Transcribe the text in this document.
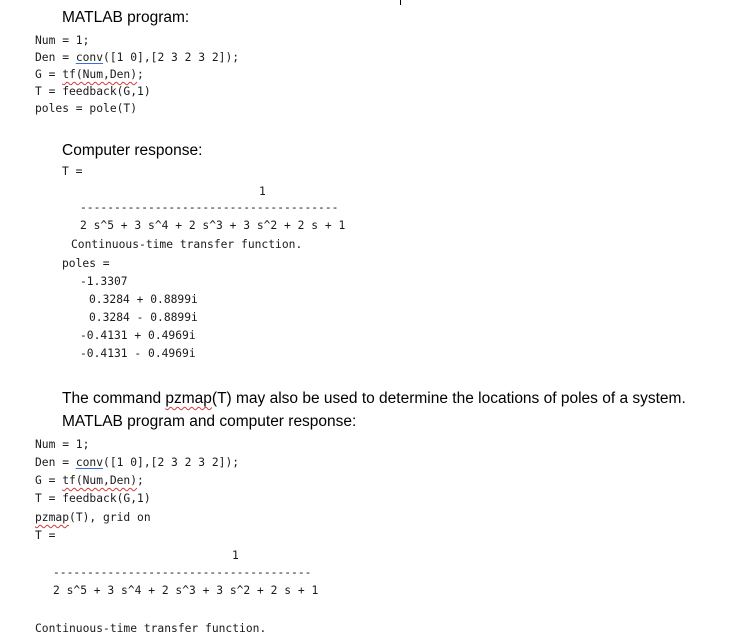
MATLAB program:
Num = 1;
Den = conv([1 0],[2 3 2 3 2]);
G = tf(Num,Den);
T = feedback(G,1)
poles = pole(T)
Computer response:
T =
1
--------------------------------------
2 s^5 + 3 s^4 + 2 s^3 + 3 s^2 + 2 s + 1
Continuous-time transfer function.
poles =
-1.3307
0.3284 + 0.8899i
0.3284 - 0.8899i
-0.4131 + 0.4969i
-0.4131 - 0.4969i
The command pzmap(T) may also be used to determine the locations of poles of a system.
MATLAB program and computer response:
Num = 1;
Den = conv([1 0],[2 3 2 3 2]);
G = tf(Num,Den);
T = feedback(G,1)
pzmap(T), grid on
T =
1
--------------------------------------
2 s^5 + 3 s^4 + 2 s^3 + 3 s^2 + 2 s + 1
Continuous-time transfer function.
